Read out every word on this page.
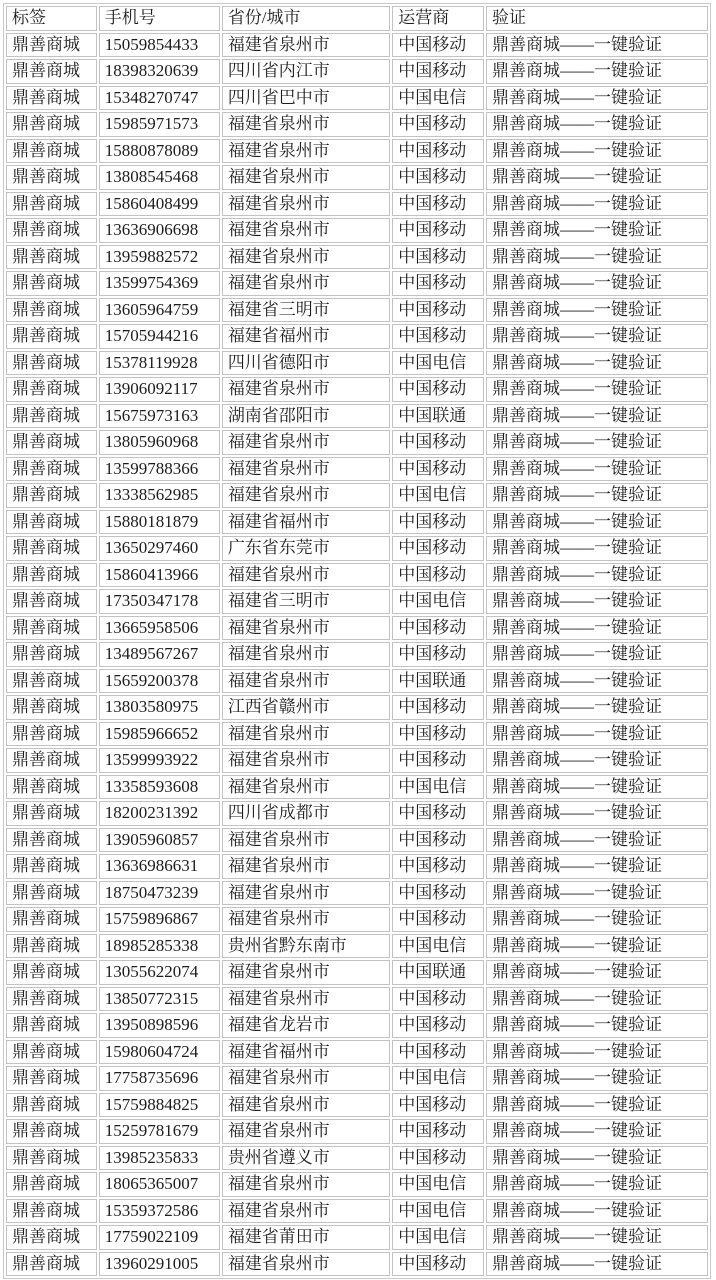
标签	手机号	省份/城市	运营商	验证
鼎善商城	15059854433	福建省泉州市	中国移动	鼎善商城——一键验证
鼎善商城	18398320639	四川省内江市	中国移动	鼎善商城——一键验证
鼎善商城	15348270747	四川省巴中市	中国电信	鼎善商城——一键验证
鼎善商城	15985971573	福建省泉州市	中国移动	鼎善商城——一键验证
鼎善商城	15880878089	福建省泉州市	中国移动	鼎善商城——一键验证
鼎善商城	13808545468	福建省泉州市	中国移动	鼎善商城——一键验证
鼎善商城	15860408499	福建省泉州市	中国移动	鼎善商城——一键验证
鼎善商城	13636906698	福建省泉州市	中国移动	鼎善商城——一键验证
鼎善商城	13959882572	福建省泉州市	中国移动	鼎善商城——一键验证
鼎善商城	13599754369	福建省泉州市	中国移动	鼎善商城——一键验证
鼎善商城	13605964759	福建省三明市	中国移动	鼎善商城——一键验证
鼎善商城	15705944216	福建省福州市	中国移动	鼎善商城——一键验证
鼎善商城	15378119928	四川省德阳市	中国电信	鼎善商城——一键验证
鼎善商城	13906092117	福建省泉州市	中国移动	鼎善商城——一键验证
鼎善商城	15675973163	湖南省邵阳市	中国联通	鼎善商城——一键验证
鼎善商城	13805960968	福建省泉州市	中国移动	鼎善商城——一键验证
鼎善商城	13599788366	福建省泉州市	中国移动	鼎善商城——一键验证
鼎善商城	13338562985	福建省泉州市	中国电信	鼎善商城——一键验证
鼎善商城	15880181879	福建省福州市	中国移动	鼎善商城——一键验证
鼎善商城	13650297460	广东省东莞市	中国移动	鼎善商城——一键验证
鼎善商城	15860413966	福建省泉州市	中国移动	鼎善商城——一键验证
鼎善商城	17350347178	福建省三明市	中国电信	鼎善商城——一键验证
鼎善商城	13665958506	福建省泉州市	中国移动	鼎善商城——一键验证
鼎善商城	13489567267	福建省泉州市	中国移动	鼎善商城——一键验证
鼎善商城	15659200378	福建省泉州市	中国联通	鼎善商城——一键验证
鼎善商城	13803580975	江西省赣州市	中国移动	鼎善商城——一键验证
鼎善商城	15985966652	福建省泉州市	中国移动	鼎善商城——一键验证
鼎善商城	13599993922	福建省泉州市	中国移动	鼎善商城——一键验证
鼎善商城	13358593608	福建省泉州市	中国电信	鼎善商城——一键验证
鼎善商城	18200231392	四川省成都市	中国移动	鼎善商城——一键验证
鼎善商城	13905960857	福建省泉州市	中国移动	鼎善商城——一键验证
鼎善商城	13636986631	福建省泉州市	中国移动	鼎善商城——一键验证
鼎善商城	18750473239	福建省泉州市	中国移动	鼎善商城——一键验证
鼎善商城	15759896867	福建省泉州市	中国移动	鼎善商城——一键验证
鼎善商城	18985285338	贵州省黔东南市	中国电信	鼎善商城——一键验证
鼎善商城	13055622074	福建省泉州市	中国联通	鼎善商城——一键验证
鼎善商城	13850772315	福建省泉州市	中国移动	鼎善商城——一键验证
鼎善商城	13950898596	福建省龙岩市	中国移动	鼎善商城——一键验证
鼎善商城	15980604724	福建省福州市	中国移动	鼎善商城——一键验证
鼎善商城	17758735696	福建省泉州市	中国电信	鼎善商城——一键验证
鼎善商城	15759884825	福建省泉州市	中国移动	鼎善商城——一键验证
鼎善商城	15259781679	福建省泉州市	中国移动	鼎善商城——一键验证
鼎善商城	13985235833	贵州省遵义市	中国移动	鼎善商城——一键验证
鼎善商城	18065365007	福建省泉州市	中国电信	鼎善商城——一键验证
鼎善商城	15359372586	福建省泉州市	中国电信	鼎善商城——一键验证
鼎善商城	17759022109	福建省莆田市	中国电信	鼎善商城——一键验证
鼎善商城	13960291005	福建省泉州市	中国移动	鼎善商城——一键验证
